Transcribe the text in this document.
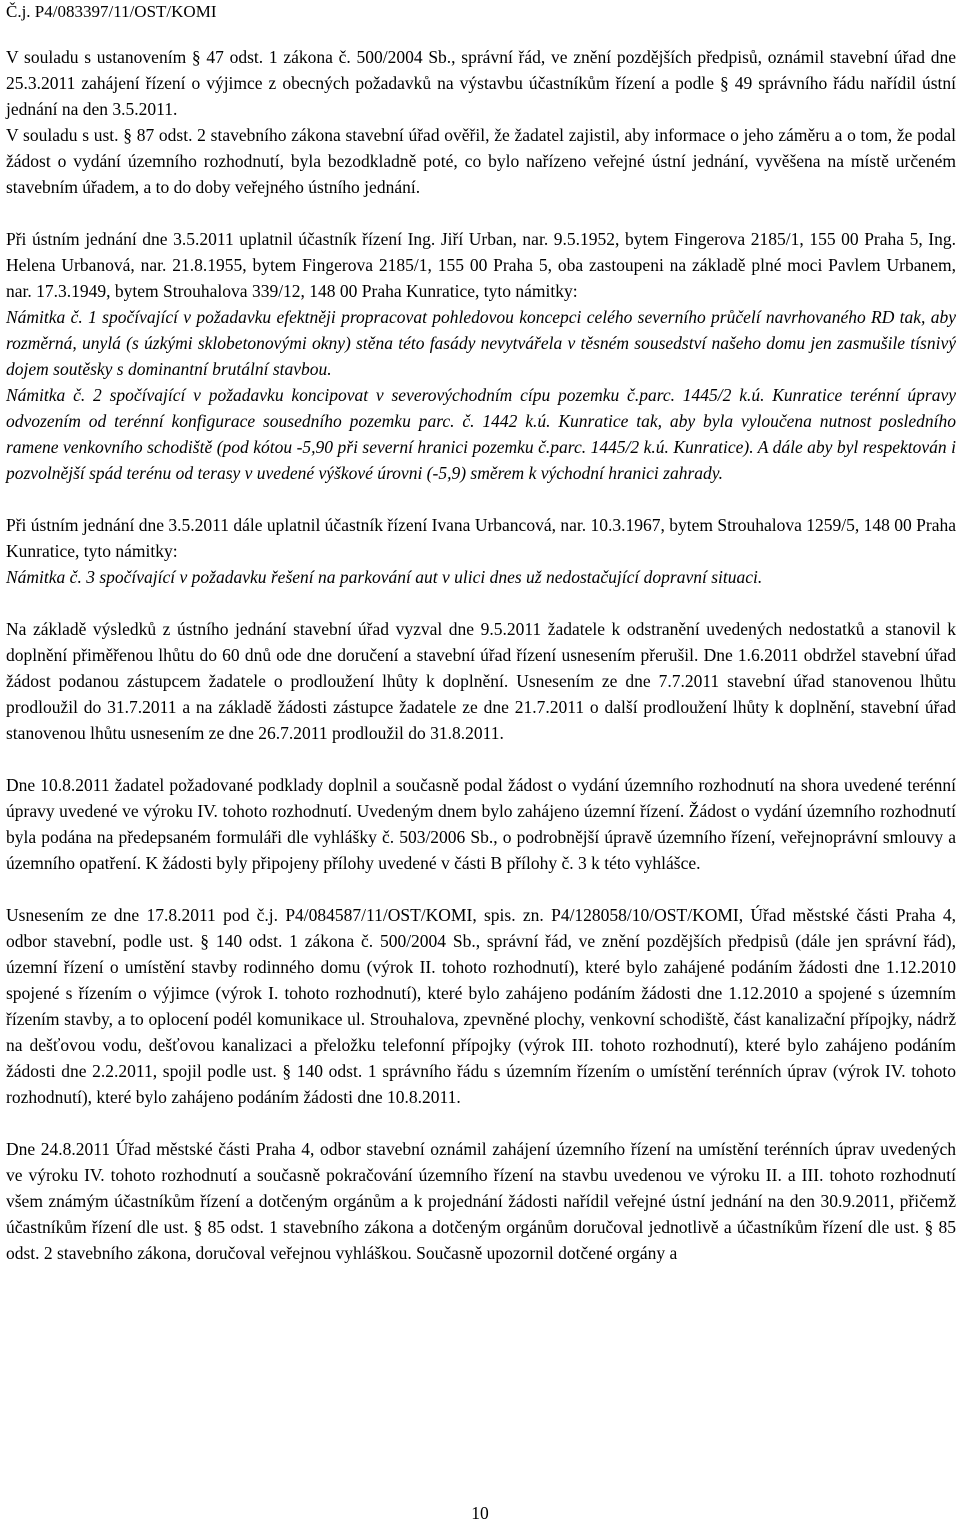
Č.j. P4/083397/11/OST/KOMI

V souladu s ustanovením § 47 odst. 1 zákona č. 500/2004 Sb., správní řád, ve znění pozdějších předpisů, oznámil stavební úřad dne 25.3.2011 zahájení řízení o výjimce z obecných požadavků na výstavbu účastníkům řízení a podle § 49 správního řádu nařídil ústní jednání na den 3.5.2011.

V souladu s ust. § 87 odst. 2 stavebního zákona stavební úřad ověřil, že žadatel zajistil, aby informace o jeho záměru a o tom, že podal žádost o vydání územního rozhodnutí, byla bezodkladně poté, co bylo nařízeno veřejné ústní jednání, vyvěšena na místě určeném stavebním úřadem, a to do doby veřejného ústního jednání.

Při ústním jednání dne 3.5.2011 uplatnil účastník řízení Ing. Jiří Urban, nar. 9.5.1952, bytem Fingerova 2185/1, 155 00 Praha 5, Ing. Helena Urbanová, nar. 21.8.1955, bytem Fingerova 2185/1, 155 00 Praha 5, oba zastoupeni na základě plné moci Pavlem Urbanem, nar. 17.3.1949, bytem Strouhalova 339/12, 148 00 Praha Kunratice, tyto námitky:

Námitka č. 1 spočívající v požadavku efektněji propracovat pohledovou koncepci celého severního průčelí navrhovaného RD tak, aby rozměrná, unylá (s úzkými sklobetonovými okny) stěna této fasády nevytvářela v těsném sousedství našeho domu jen zasmušile tísnivý dojem soutěsky s dominantní brutální stavbou.

Námitka č. 2 spočívající v požadavku koncipovat v severovýchodním cípu pozemku č.parc. 1445/2 k.ú. Kunratice terénní úpravy odvozením od terénní konfigurace sousedního pozemku parc. č. 1442 k.ú. Kunratice tak, aby byla vyloučena nutnost posledního ramene venkovního schodiště (pod kótou -5,90 při severní hranici pozemku č.parc. 1445/2 k.ú. Kunratice). A dále aby byl respektován i pozvolnější spád terénu od terasy v uvedené výškové úrovni (-5,9) směrem k východní hranici zahrady.

Při ústním jednání dne 3.5.2011 dále uplatnil účastník řízení Ivana Urbancová, nar. 10.3.1967, bytem Strouhalova 1259/5, 148 00 Praha Kunratice, tyto námitky:

Námitka č. 3 spočívající v požadavku řešení na parkování aut v ulici dnes už nedostačující dopravní situaci.

Na základě výsledků z ústního jednání stavební úřad vyzval dne 9.5.2011 žadatele k odstranění uvedených nedostatků a stanovil k doplnění přiměřenou lhůtu do 60 dnů ode dne doručení a stavební úřad řízení usnesením přerušil. Dne 1.6.2011 obdržel stavební úřad žádost podanou zástupcem žadatele o prodloužení lhůty k doplnění. Usnesením ze dne 7.7.2011 stavební úřad stanovenou lhůtu prodloužil do 31.7.2011 a na základě žádosti zástupce žadatele ze dne 21.7.2011 o další prodloužení lhůty k doplnění, stavební úřad stanovenou lhůtu usnesením ze dne 26.7.2011 prodloužil do 31.8.2011.

Dne 10.8.2011 žadatel požadované podklady doplnil a současně podal žádost o vydání územního rozhodnutí na shora uvedené terénní úpravy uvedené ve výroku IV. tohoto rozhodnutí. Uvedeným dnem bylo zahájeno územní řízení. Žádost o vydání územního rozhodnutí byla podána na předepsaném formuláři dle vyhlášky č. 503/2006 Sb., o podrobnější úpravě územního řízení, veřejnoprávní smlouvy a územního opatření. K žádosti byly připojeny přílohy uvedené v části B přílohy č. 3 k této vyhlášce.

Usnesením ze dne 17.8.2011 pod č.j. P4/084587/11/OST/KOMI, spis. zn. P4/128058/10/OST/KOMI, Úřad městské části Praha 4, odbor stavební, podle ust. § 140 odst. 1 zákona č. 500/2004 Sb., správní řád, ve znění pozdějších předpisů (dále jen správní řád), územní řízení o umístění stavby rodinného domu (výrok II. tohoto rozhodnutí), které bylo zahájené podáním žádosti dne 1.12.2010 spojené s řízením o výjimce (výrok I. tohoto rozhodnutí), které bylo zahájeno podáním žádosti dne 1.12.2010 a spojené s územním řízením stavby, a to oplocení podél komunikace ul. Strouhalova, zpevněné plochy, venkovní schodiště, část kanalizační přípojky, nádrž na dešťovou vodu, dešťovou kanalizaci a přeložku telefonní přípojky (výrok III. tohoto rozhodnutí), které bylo zahájeno podáním žádosti dne 2.2.2011, spojil podle ust. § 140 odst. 1 správního řádu s územním řízením o umístění terénních úprav (výrok IV. tohoto rozhodnutí), které bylo zahájeno podáním žádosti dne 10.8.2011.

Dne 24.8.2011 Úřad městské části Praha 4, odbor stavební oznámil zahájení územního řízení na umístění terénních úprav uvedených ve výroku IV. tohoto rozhodnutí a současně pokračování územního řízení na stavbu uvedenou ve výroku II. a III. tohoto rozhodnutí všem známým účastníkům řízení a dotčeným orgánům a k projednání žádosti nařídil veřejné ústní jednání na den 30.9.2011, přičemž účastníkům řízení dle ust. § 85 odst. 1 stavebního zákona a dotčeným orgánům doručoval jednotlivě a účastníkům řízení dle ust. § 85 odst. 2 stavebního zákona, doručoval veřejnou vyhláškou. Současně upozornil dotčené orgány a

10
